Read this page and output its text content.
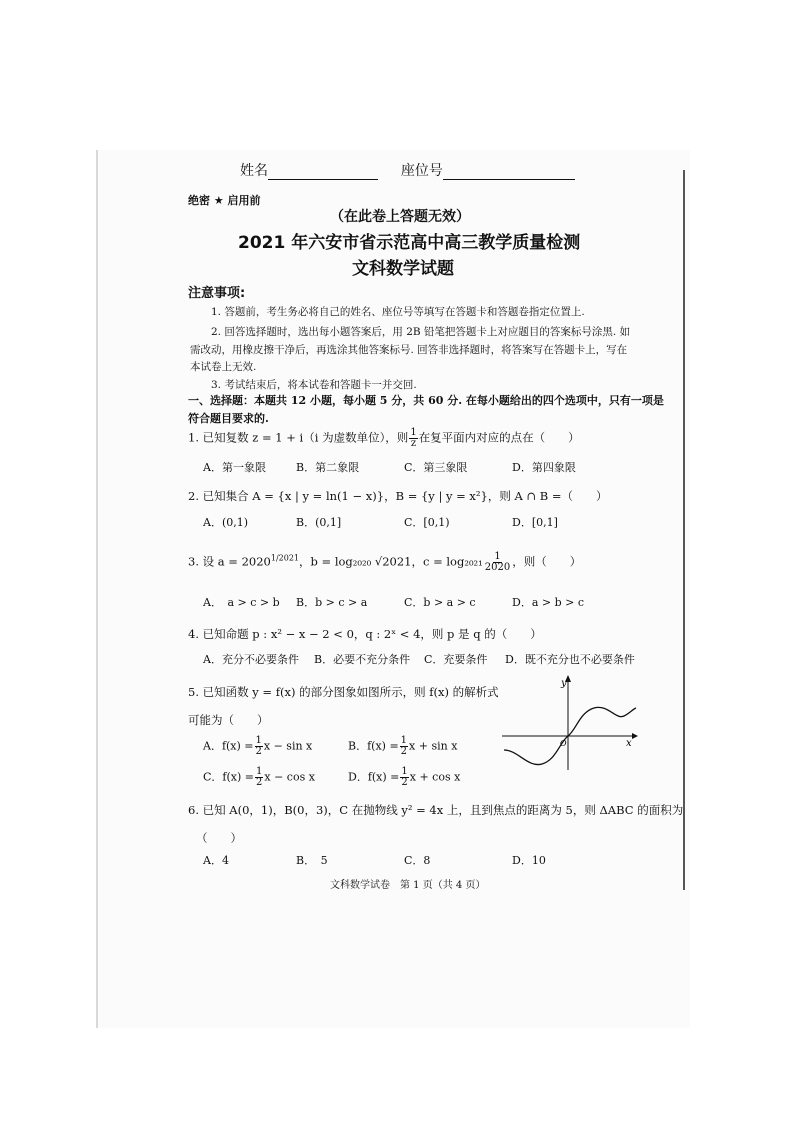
姓名	座位号
绝密 ★ 启用前
（在此卷上答题无效）
2021 年六安市省示范高中高三教学质量检测
文科数学试题
注意事项:
1. 答题前，考生务必将自己的姓名、座位号等填写在答题卡和答题卷指定位置上.
2. 回答选择题时，选出每小题答案后，用 2B 铅笔把答题卡上对应题目的答案标号涂黑. 如
需改动，用橡皮擦干净后，再选涂其他答案标号. 回答非选择题时，将答案写在答题卡上，写在
本试卷上无效.
3. 考试结束后，将本试卷和答题卡一并交回.
一、选择题：本题共 12 小题，每小题 5 分，共 60 分. 在每小题给出的四个选项中，只有一项是
符合题目要求的.
1. 已知复数 z = 1 + i（i 为虚数单位），则 $\frac{1}{z}$ 在复平面内对应的点在（　　）
A．第一象限	B．第二象限	C．第三象限	D．第四象限
2. 已知集合 A = {x | y = ln(1 − x)}，B = {y | y = x²}，则 A ∩ B =（　　）
A．(0,1)	B．(0,1]	C．[0,1)	D．[0,1]
3. 设 $a = 2020^{1/2021}$，b = log₂₀₂₀ √2021，$c = \log_{2021} \frac{1}{2020}$ ，则（　　）
A．　a > c > b B．b > c > a	C．b > a > c	D．a > b > c
4. 已知命题 p : x² − x − 2 < 0，q : 2ˣ < 4，则 p 是 q 的（　　）
A．充分不必要条件 B．必要不充分条件 C．充要条件 D．既不充分也不必要条件
5. 已知函数 y = f(x) 的部分图象如图所示，则 f(x) 的解析式
可能为（　　）
A．$f(x) = \frac{1}{2}$ x − sin x	B．$f(x) = \frac{1}{2}$ x + sin x
C．$f(x) = \frac{1}{2}$ x − cos x	D．$f(x) = \frac{1}{2}$ x + cos x
y
x
O
6. 已知 A(0，1)，B(0，3)，C 在抛物线 y² = 4x 上，且到焦点的距离为 5，则 ΔABC 的面积为
（　　）
A．4	B．　5	C．8	D．10
文科数学试卷　第 1 页（共 4 页）
